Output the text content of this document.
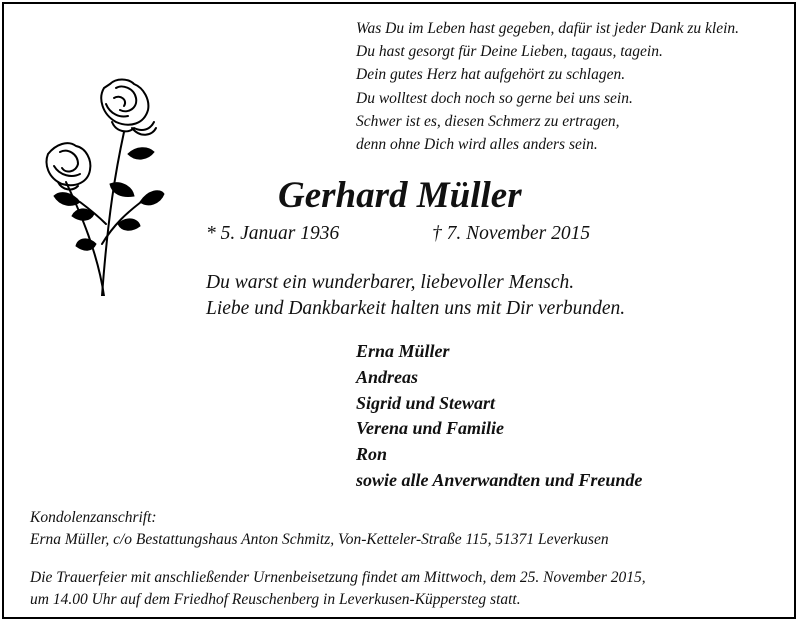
Was Du im Leben hast gegeben, dafür ist jeder Dank zu klein.
Du hast gesorgt für Deine Lieben, tagaus, tagein.
Dein gutes Herz hat aufgehört zu schlagen.
Du wolltest doch noch so gerne bei uns sein.
Schwer ist es, diesen Schmerz zu ertragen,
denn ohne Dich wird alles anders sein.
Gerhard Müller
* 5. Januar 1936	† 7. November 2015
Du warst ein wunderbarer, liebevoller Mensch.
Liebe und Dankbarkeit halten uns mit Dir verbunden.
Erna Müller
Andreas
Sigrid und Stewart
Verena und Familie
Ron
sowie alle Anverwandten und Freunde
Kondolenzanschrift:
Erna Müller, c/o Bestattungshaus Anton Schmitz, Von-Ketteler-Straße 115, 51371 Leverkusen
Die Trauerfeier mit anschließender Urnenbeisetzung findet am Mittwoch, dem 25. November 2015,
um 14.00 Uhr auf dem Friedhof Reuschenberg in Leverkusen-Küppersteg statt.
